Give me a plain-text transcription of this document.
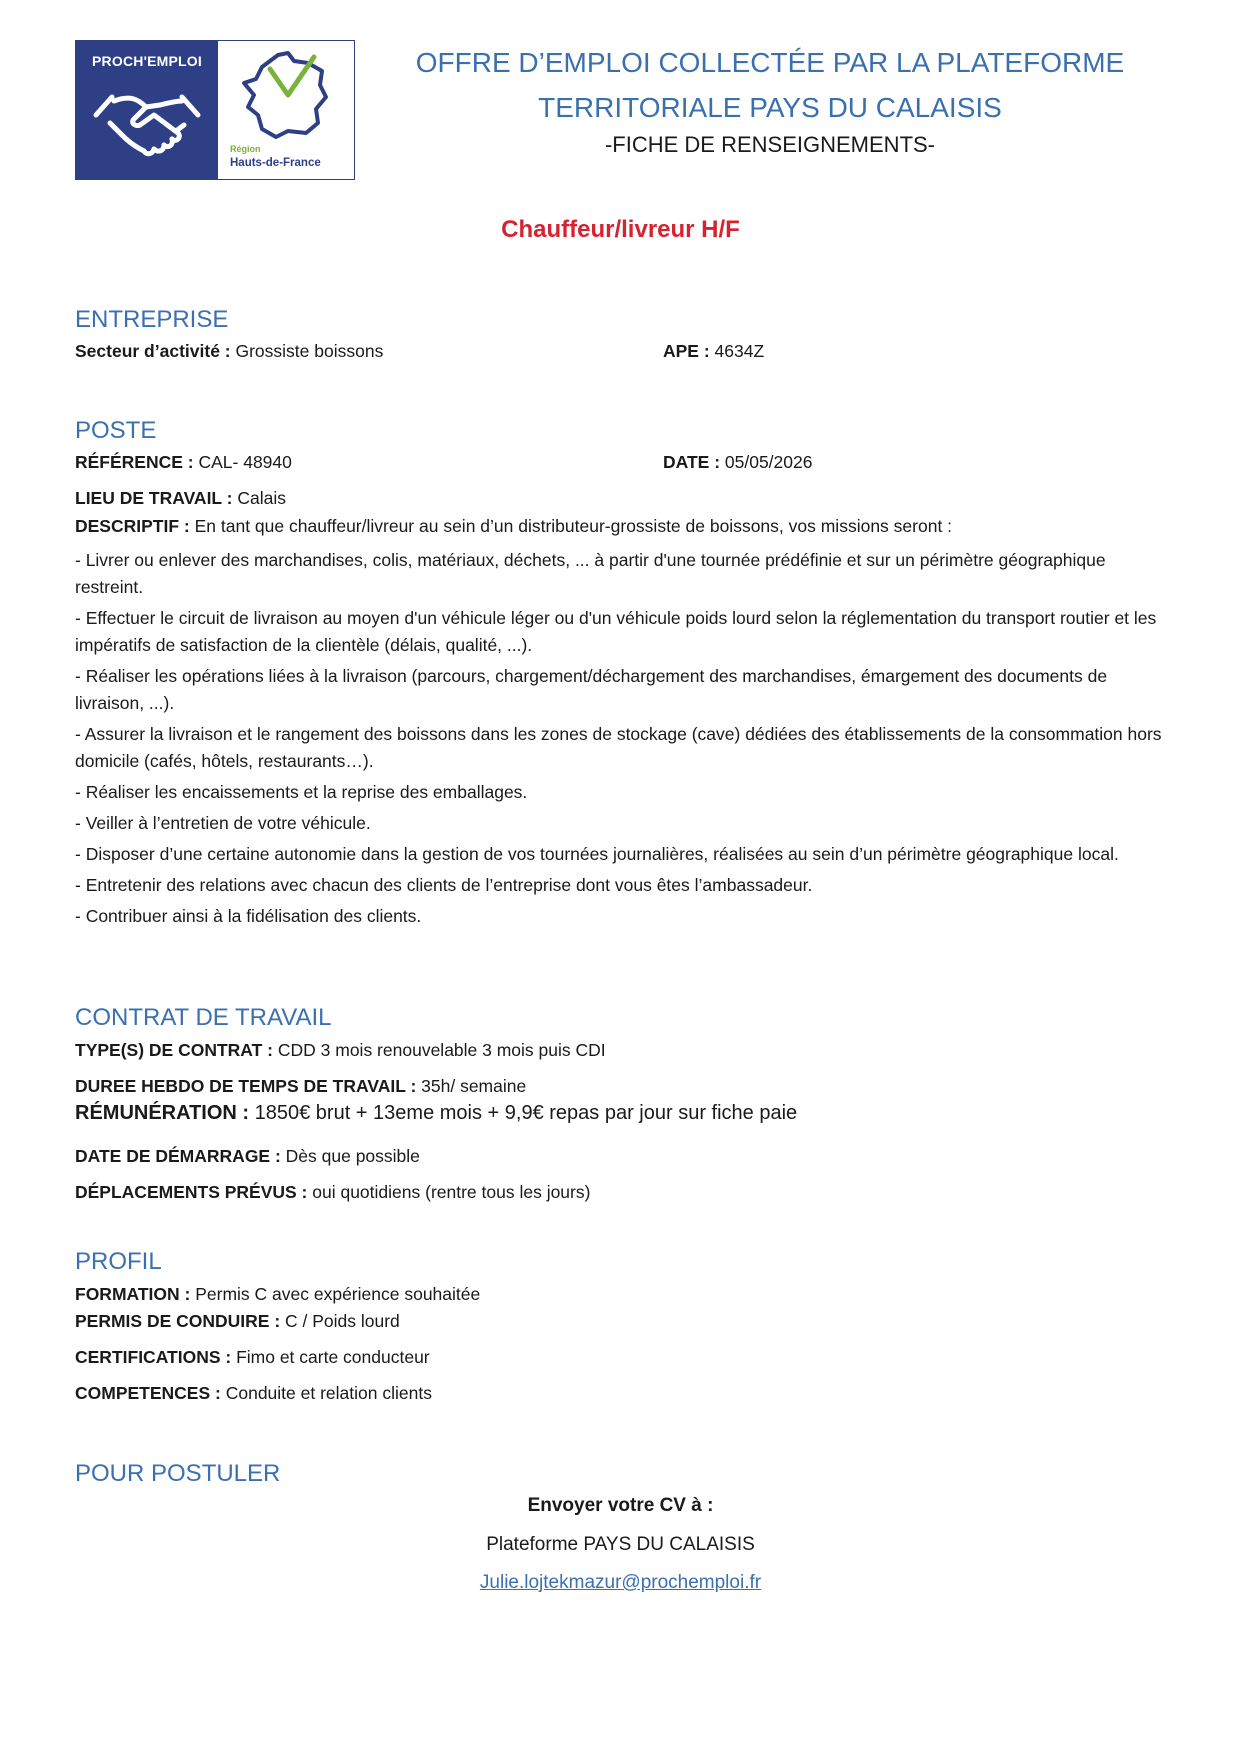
PROCH'EMPLOI
Région
Hauts-de-France
OFFRE D’EMPLOI COLLECTÉE PAR LA PLATEFORME
TERRITORIALE PAYS DU CALAISIS
-FICHE DE RENSEIGNEMENTS-
Chauffeur/livreur H/F
ENTREPRISE
Secteur d’activité : Grossiste boissons	APE : 4634Z
POSTE
RÉFÉRENCE : CAL- 48940	DATE : 05/05/2026
LIEU DE TRAVAIL : Calais
DESCRIPTIF : En tant que chauffeur/livreur au sein d’un distributeur-grossiste de boissons, vos missions seront :

- Livrer ou enlever des marchandises, colis, matériaux, déchets, ... à partir d'une tournée prédéfinie et sur un périmètre géographique restreint.

- Effectuer le circuit de livraison au moyen d'un véhicule léger ou d'un véhicule poids lourd selon la réglementation du transport routier et les impératifs de satisfaction de la clientèle (délais, qualité, ...).

- Réaliser les opérations liées à la livraison (parcours, chargement/déchargement des marchandises, émargement des documents de livraison, ...).

- Assurer la livraison et le rangement des boissons dans les zones de stockage (cave) dédiées des établissements de la consommation hors domicile (cafés, hôtels, restaurants…).

- Réaliser les encaissements et la reprise des emballages.

- Veiller à l’entretien de votre véhicule.

- Disposer d’une certaine autonomie dans la gestion de vos tournées journalières, réalisées au sein d’un périmètre géographique local.

- Entretenir des relations avec chacun des clients de l’entreprise dont vous êtes l’ambassadeur.

- Contribuer ainsi à la fidélisation des clients.

CONTRAT DE TRAVAIL
TYPE(S) DE CONTRAT : CDD 3 mois renouvelable 3 mois puis CDI
DUREE HEBDO DE TEMPS DE TRAVAIL : 35h/ semaine
RÉMUNÉRATION : 1850€ brut + 13eme mois + 9,9€ repas par jour sur fiche paie
DATE DE DÉMARRAGE : Dès que possible
DÉPLACEMENTS PRÉVUS : oui quotidiens (rentre tous les jours)
PROFIL
FORMATION : Permis C avec expérience souhaitée
PERMIS DE CONDUIRE : C / Poids lourd
CERTIFICATIONS : Fimo et carte conducteur
COMPETENCES : Conduite et relation clients
POUR POSTULER
Envoyer votre CV à :
Plateforme PAYS DU CALAISIS
Julie.lojtekmazur@prochemploi.fr
